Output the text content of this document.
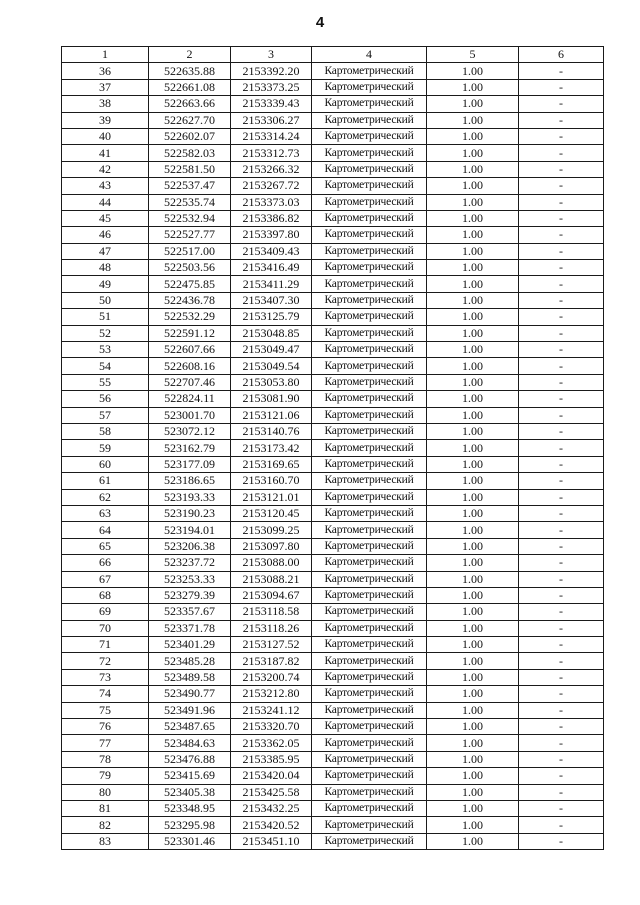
4
1	2	3	4	5	6
36	522635.88	2153392.20	Картометрический	1.00	-
37	522661.08	2153373.25	Картометрический	1.00	-
38	522663.66	2153339.43	Картометрический	1.00	-
39	522627.70	2153306.27	Картометрический	1.00	-
40	522602.07	2153314.24	Картометрический	1.00	-
41	522582.03	2153312.73	Картометрический	1.00	-
42	522581.50	2153266.32	Картометрический	1.00	-
43	522537.47	2153267.72	Картометрический	1.00	-
44	522535.74	2153373.03	Картометрический	1.00	-
45	522532.94	2153386.82	Картометрический	1.00	-
46	522527.77	2153397.80	Картометрический	1.00	-
47	522517.00	2153409.43	Картометрический	1.00	-
48	522503.56	2153416.49	Картометрический	1.00	-
49	522475.85	2153411.29	Картометрический	1.00	-
50	522436.78	2153407.30	Картометрический	1.00	-
51	522532.29	2153125.79	Картометрический	1.00	-
52	522591.12	2153048.85	Картометрический	1.00	-
53	522607.66	2153049.47	Картометрический	1.00	-
54	522608.16	2153049.54	Картометрический	1.00	-
55	522707.46	2153053.80	Картометрический	1.00	-
56	522824.11	2153081.90	Картометрический	1.00	-
57	523001.70	2153121.06	Картометрический	1.00	-
58	523072.12	2153140.76	Картометрический	1.00	-
59	523162.79	2153173.42	Картометрический	1.00	-
60	523177.09	2153169.65	Картометрический	1.00	-
61	523186.65	2153160.70	Картометрический	1.00	-
62	523193.33	2153121.01	Картометрический	1.00	-
63	523190.23	2153120.45	Картометрический	1.00	-
64	523194.01	2153099.25	Картометрический	1.00	-
65	523206.38	2153097.80	Картометрический	1.00	-
66	523237.72	2153088.00	Картометрический	1.00	-
67	523253.33	2153088.21	Картометрический	1.00	-
68	523279.39	2153094.67	Картометрический	1.00	-
69	523357.67	2153118.58	Картометрический	1.00	-
70	523371.78	2153118.26	Картометрический	1.00	-
71	523401.29	2153127.52	Картометрический	1.00	-
72	523485.28	2153187.82	Картометрический	1.00	-
73	523489.58	2153200.74	Картометрический	1.00	-
74	523490.77	2153212.80	Картометрический	1.00	-
75	523491.96	2153241.12	Картометрический	1.00	-
76	523487.65	2153320.70	Картометрический	1.00	-
77	523484.63	2153362.05	Картометрический	1.00	-
78	523476.88	2153385.95	Картометрический	1.00	-
79	523415.69	2153420.04	Картометрический	1.00	-
80	523405.38	2153425.58	Картометрический	1.00	-
81	523348.95	2153432.25	Картометрический	1.00	-
82	523295.98	2153420.52	Картометрический	1.00	-
83	523301.46	2153451.10	Картометрический	1.00	-
